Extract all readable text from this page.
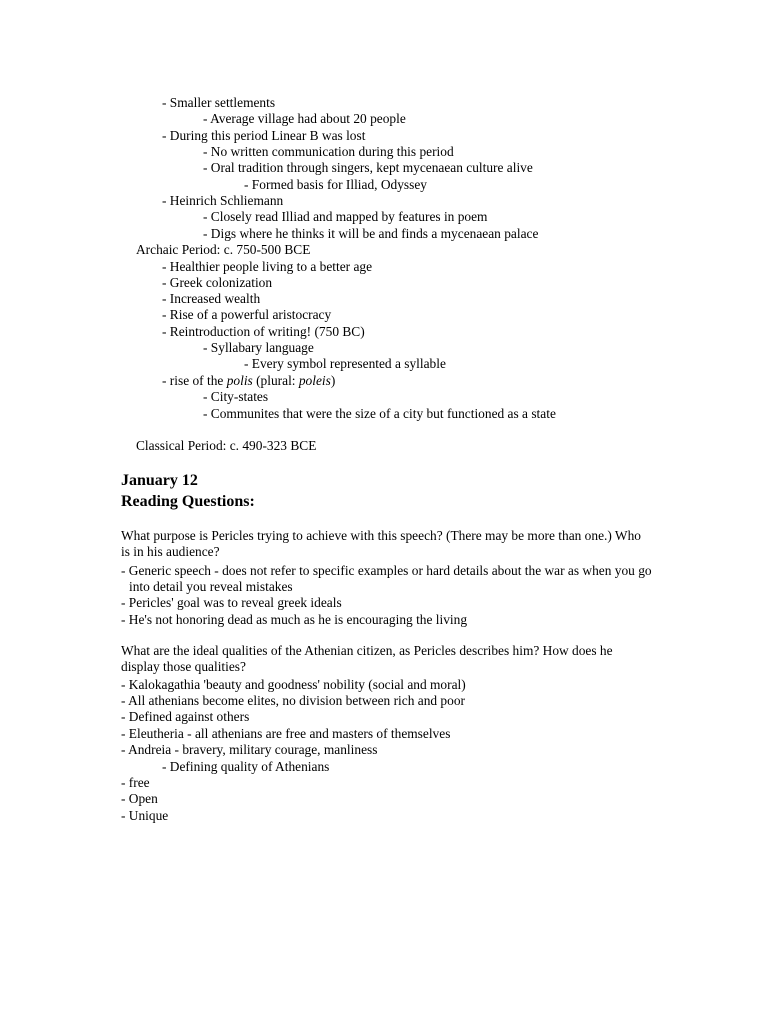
- Smaller settlements
- Average village had about 20 people
- During this period Linear B was lost
- No written communication during this period
- Oral tradition through singers, kept mycenaean culture alive
- Formed basis for Illiad, Odyssey
- Heinrich Schliemann
- Closely read Illiad and mapped by features in poem
- Digs where he thinks it will be and finds a mycenaean palace
Archaic Period: c. 750-500 BCE
- Healthier people living to a better age
- Greek colonization
- Increased wealth
- Rise of a powerful aristocracy
- Reintroduction of writing! (750 BC)
- Syllabary language
- Every symbol represented a syllable
- rise of the polis (plural: poleis)
- City-states
- Communites that were the size of a city but functioned as a state
Classical Period: c. 490-323 BCE
January 12
Reading Questions:
What purpose is Pericles trying to achieve with this speech? (There may be more than one.) Who is in his audience?
- Generic speech - does not refer to specific examples or hard details about the war as when you go into detail you reveal mistakes
- Pericles' goal was to reveal greek ideals
- He's not honoring dead as much as he is encouraging the living
What are the ideal qualities of the Athenian citizen, as Pericles describes him? How does he display those qualities?
- Kalokagathia 'beauty and goodness' nobility (social and moral)
- All athenians become elites, no division between rich and poor
- Defined against others
- Eleutheria - all athenians are free and masters of themselves
- Andreia - bravery, military courage, manliness
- Defining quality of Athenians
- free
- Open
- Unique
